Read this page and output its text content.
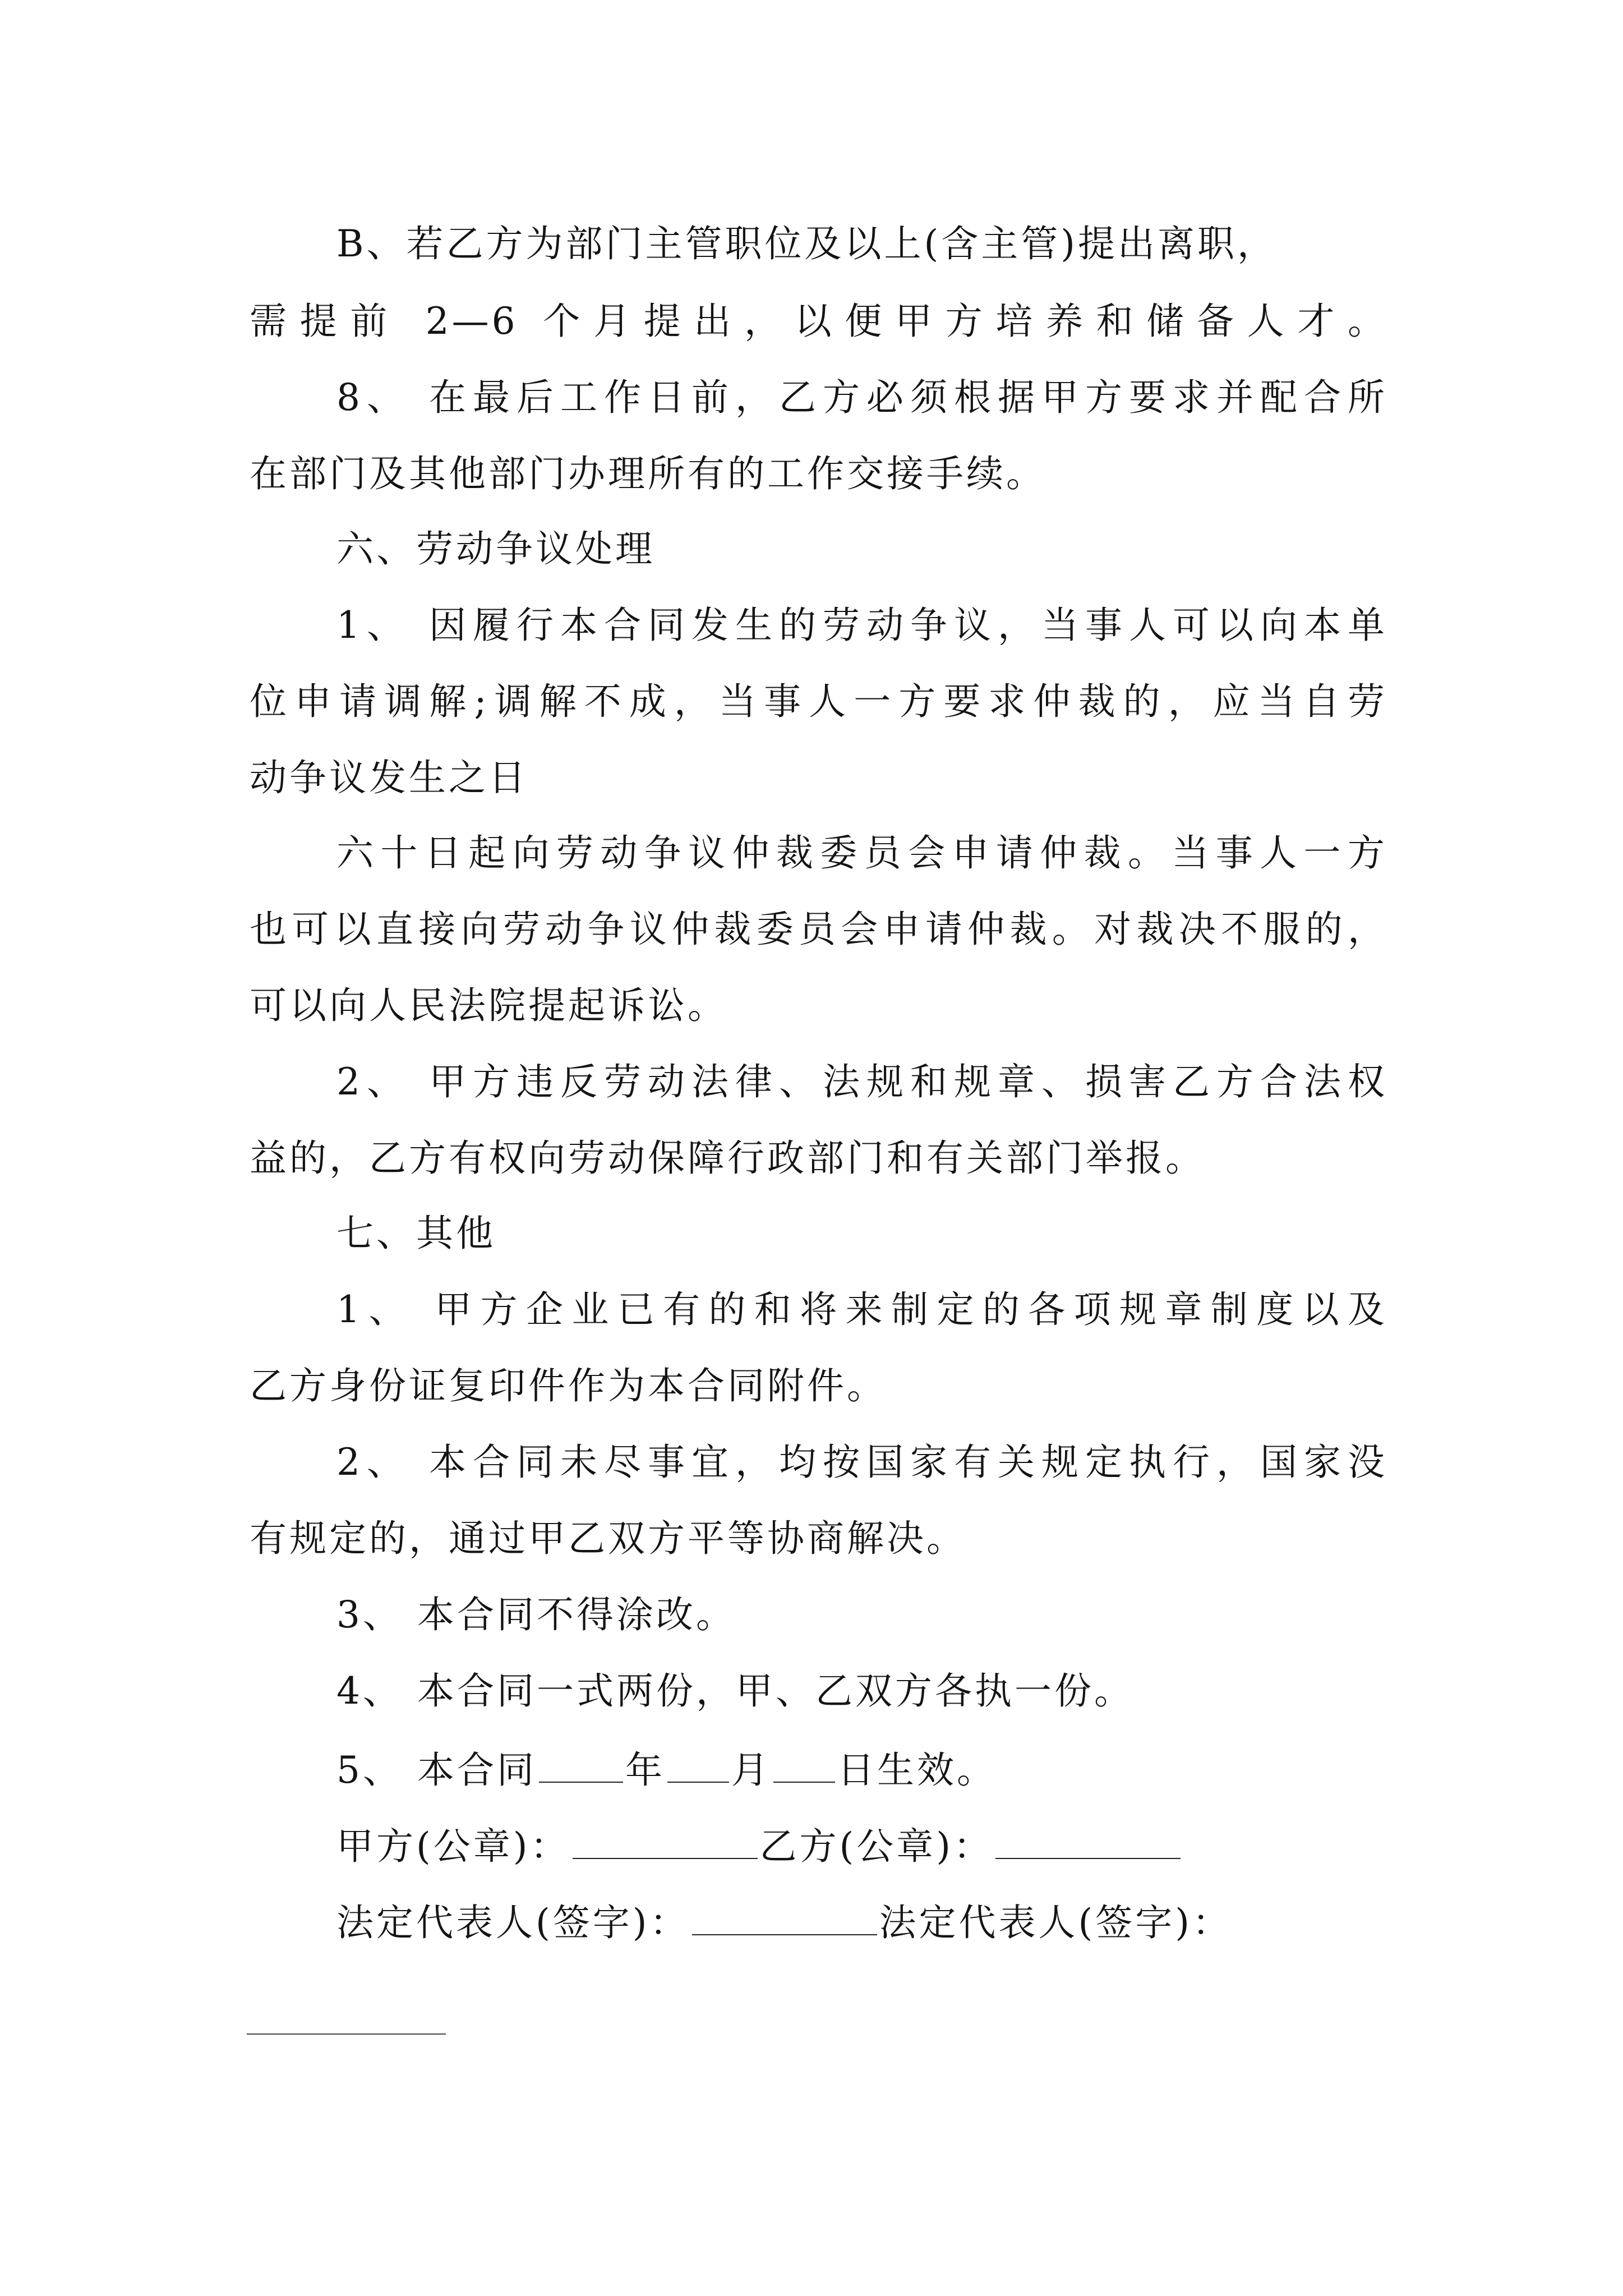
B、若乙方为部门主管职位及以上(含主管)提出离职，
需提前 2—6 个月提出，以便甲方培养和储备人才。
8、 在最后工作日前，乙方必须根据甲方要求并配合所
在部门及其他部门办理所有的工作交接手续。
六、劳动争议处理
1、 因履行本合同发生的劳动争议，当事人可以向本单
位申请调解;调解不成，当事人一方要求仲裁的，应当自劳
动争议发生之日
六十日起向劳动争议仲裁委员会申请仲裁。当事人一方
也可以直接向劳动争议仲裁委员会申请仲裁。对裁决不服的，
可以向人民法院提起诉讼。
2、 甲方违反劳动法律、法规和规章、损害乙方合法权
益的，乙方有权向劳动保障行政部门和有关部门举报。
七、其他
1、 甲方企业已有的和将来制定的各项规章制度以及
乙方身份证复印件作为本合同附件。
2、 本合同未尽事宜，均按国家有关规定执行，国家没
有规定的，通过甲乙双方平等协商解决。
3、 本合同不得涂改。
4、 本合同一式两份，甲、乙双方各执一份。
5、 本合同 年 月 日生效。
甲方(公章)：	乙方(公章)：
法定代表人(签字)：	法定代表人(签字)：
